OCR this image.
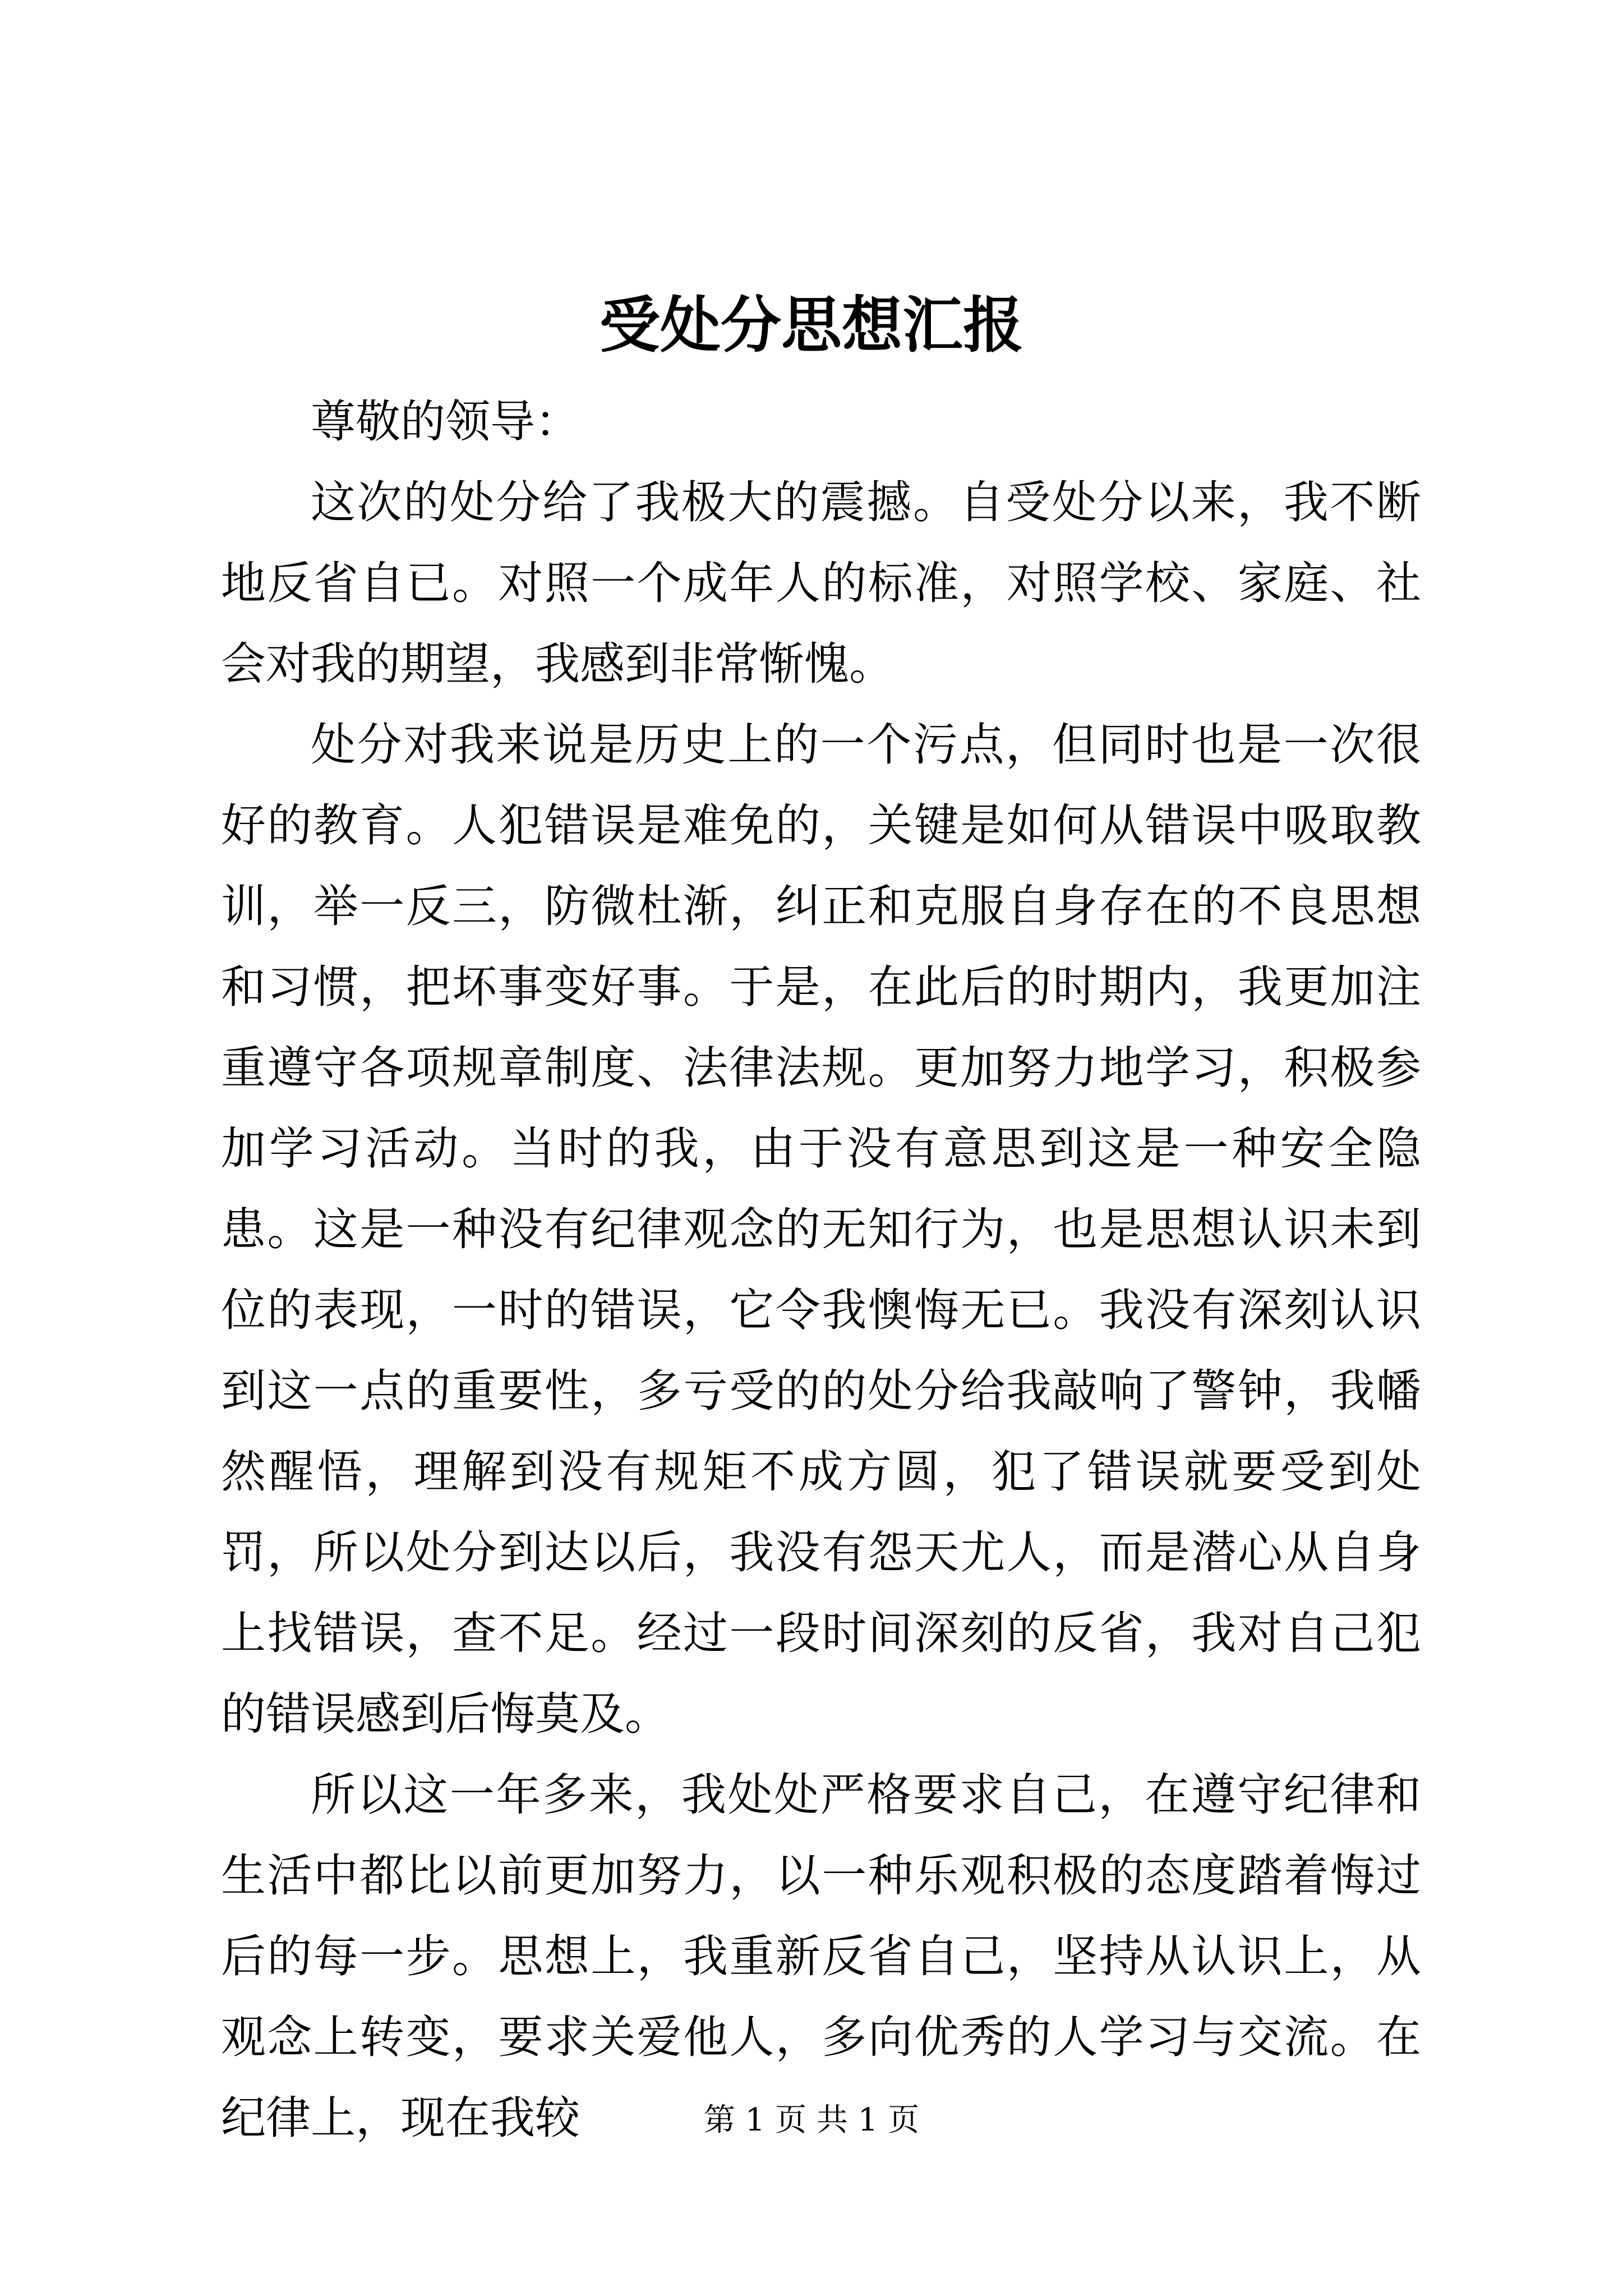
受处分思想汇报

尊敬的领导：

这次的处分给了我极大的震撼。自受处分以来，我不断地反省自已。对照一个成年人的标准，对照学校、家庭、社会对我的期望，我感到非常惭愧。

处分对我来说是历史上的一个污点，但同时也是一次很好的教育。人犯错误是难免的，关键是如何从错误中吸取教训，举一反三，防微杜渐，纠正和克服自身存在的不良思想和习惯，把坏事变好事。于是，在此后的时期内，我更加注重遵守各项规章制度、法律法规。更加努力地学习，积极参加学习活动。当时的我，由于没有意思到这是一种安全隐患。这是一种没有纪律观念的无知行为，也是思想认识未到位的表现，一时的错误，它令我懊悔无已。我没有深刻认识到这一点的重要性，多亏受的的处分给我敲响了警钟，我幡然醒悟，理解到没有规矩不成方圆，犯了错误就要受到处罚，所以处分到达以后，我没有怨天尤人，而是潜心从自身上找错误，查不足。经过一段时间深刻的反省，我对自己犯的错误感到后悔莫及。

所以这一年多来，我处处严格要求自己，在遵守纪律和生活中都比以前更加努力，以一种乐观积极的态度踏着悔过后的每一步。思想上，我重新反省自己，坚持从认识上，从观念上转变，要求关爱他人，多向优秀的人学习与交流。在纪律上，现在我较	第 1 页 共 1 页
